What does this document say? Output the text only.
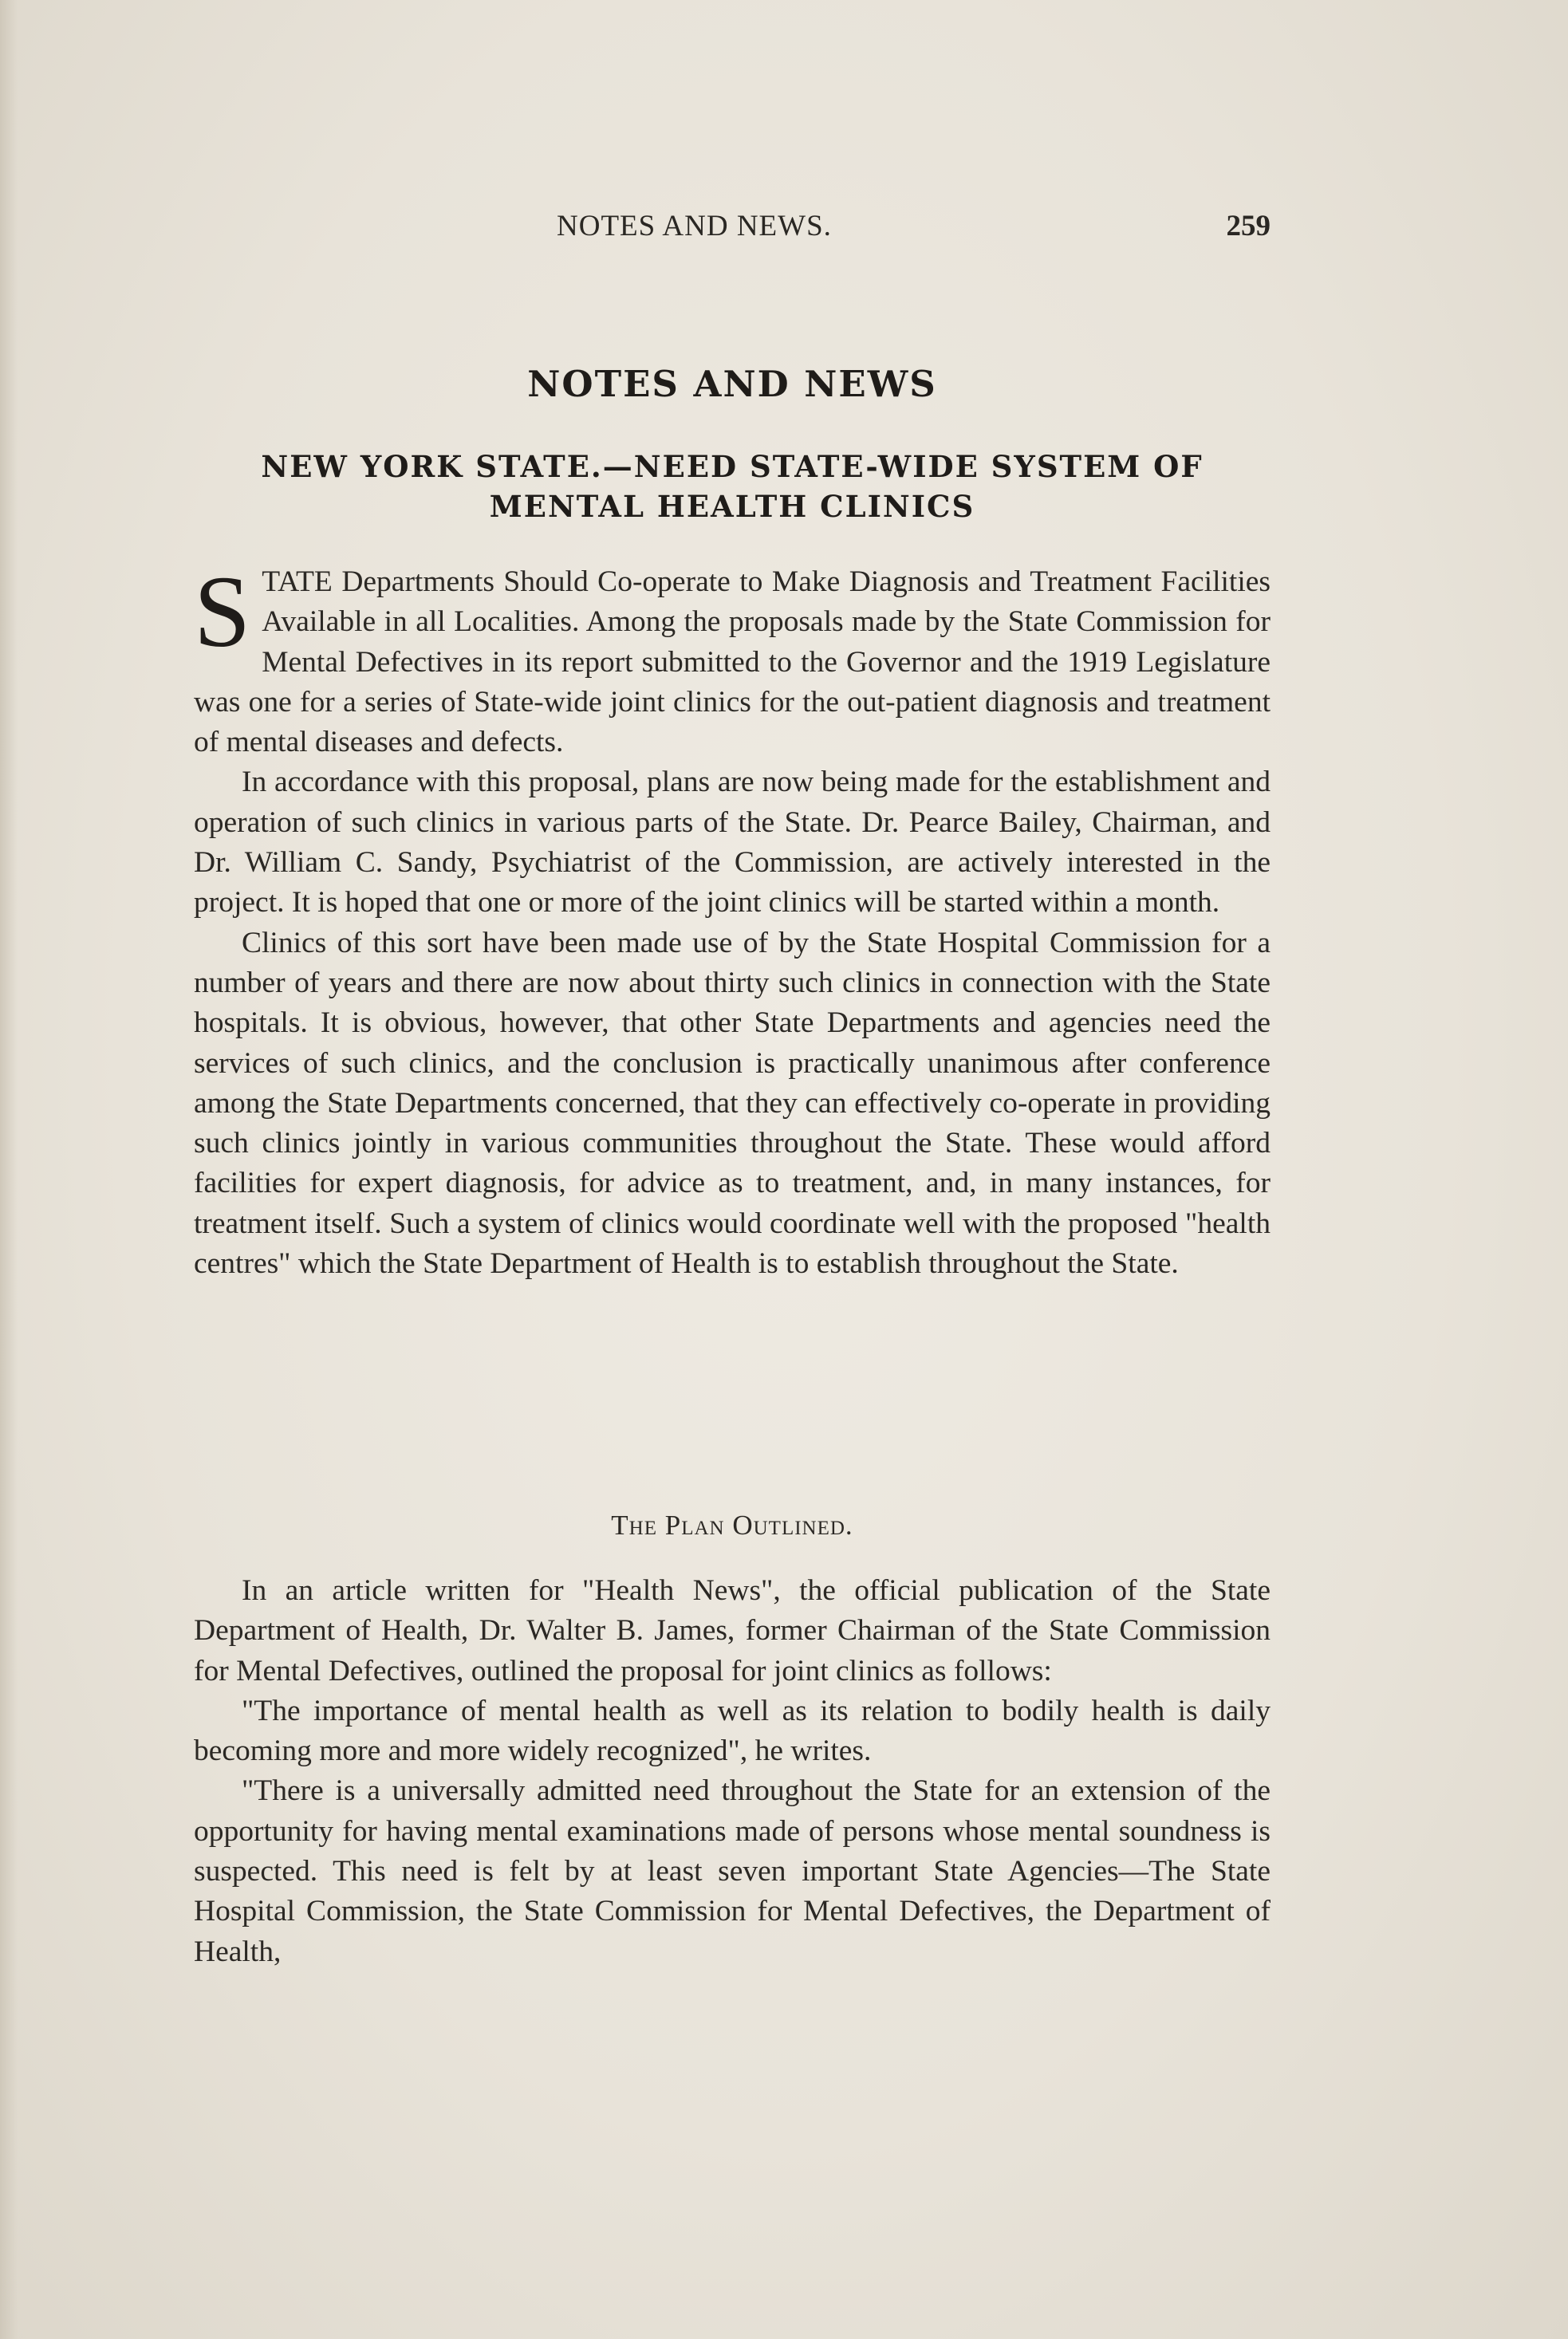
NOTES AND NEWS.	259
NOTES AND NEWS
NEW YORK STATE.—NEED STATE-WIDE SYSTEM OF
MENTAL HEALTH CLINICS

STATE Departments Should Co-operate to Make Diagnosis and Treatment Facilities Available in all Localities. Among the proposals made by the State Commission for Mental Defectives in its report submitted to the Governor and the 1919 Legislature was one for a series of State-wide joint clinics for the out-patient diagnosis and treatment of mental diseases and defects.

In accordance with this proposal, plans are now being made for the establishment and operation of such clinics in various parts of the State. Dr. Pearce Bailey, Chairman, and Dr. William C. Sandy, Psychiatrist of the Commission, are actively interested in the project. It is hoped that one or more of the joint clinics will be started within a month.

Clinics of this sort have been made use of by the State Hospital Commission for a number of years and there are now about thirty such clinics in connection with the State hospitals. It is obvious, however, that other State Departments and agencies need the services of such clinics, and the conclusion is practically unanimous after conference among the State Departments concerned, that they can effectively co-operate in providing such clinics jointly in various communities throughout the State. These would afford facilities for expert diagnosis, for advice as to treatment, and, in many instances, for treatment itself. Such a system of clinics would coordinate well with the proposed "health centres" which the State Department of Health is to establish throughout the State.

The Plan Outlined.

In an article written for "Health News", the official publication of the State Department of Health, Dr. Walter B. James, former Chairman of the State Commission for Mental Defectives, outlined the proposal for joint clinics as follows:

"The importance of mental health as well as its relation to bodily health is daily becoming more and more widely recognized", he writes.

"There is a universally admitted need throughout the State for an extension of the opportunity for having mental examinations made of persons whose mental soundness is suspected. This need is felt by at least seven important State Agencies—The State Hospital Commission, the State Commission for Mental Defectives, the Department of Health,
